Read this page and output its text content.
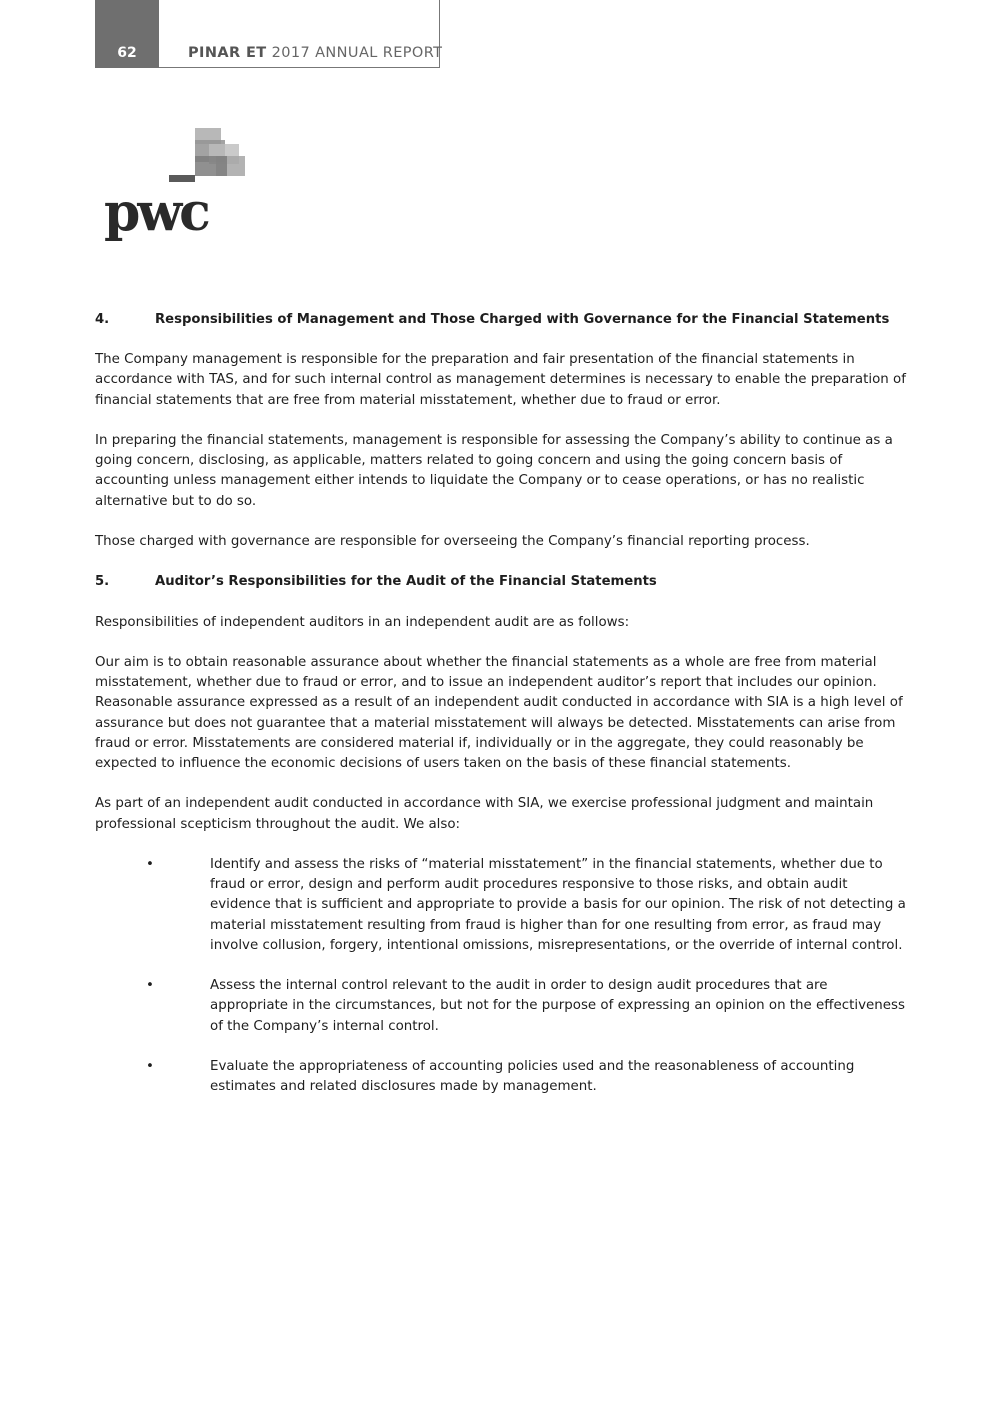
62	PINAR ET 2017 ANNUAL REPORT
pwc
4.	Responsibilities of Management and Those Charged with Governance for the Financial Statements

The Company management is responsible for the preparation and fair presentation of the financial statements in accordance with TAS, and for such internal control as management determines is necessary to enable the preparation of financial statements that are free from material misstatement, whether due to fraud or error.

In preparing the financial statements, management is responsible for assessing the Company’s ability to continue as a going concern, disclosing, as applicable, matters related to going concern and using the going concern basis of accounting unless management either intends to liquidate the Company or to cease operations, or has no realistic alternative but to do so.

Those charged with governance are responsible for overseeing the Company’s financial reporting process.

5.	Auditor’s Responsibilities for the Audit of the Financial Statements

Responsibilities of independent auditors in an independent audit are as follows:

Our aim is to obtain reasonable assurance about whether the financial statements as a whole are free from material misstatement, whether due to fraud or error, and to issue an independent auditor’s report that includes our opinion. Reasonable assurance expressed as a result of an independent audit conducted in accordance with SIA is a high level of assurance but does not guarantee that a material misstatement will always be detected. Misstatements can arise from fraud or error. Misstatements are considered material if, individually or in the aggregate, they could reasonably be expected to influence the economic decisions of users taken on the basis of these financial statements.

As part of an independent audit conducted in accordance with SIA, we exercise professional judgment and maintain professional scepticism throughout the audit. We also:

•	Identify and assess the risks of “material misstatement” in the financial statements, whether due to fraud or error, design and perform audit procedures responsive to those risks, and obtain audit evidence that is sufficient and appropriate to provide a basis for our opinion. The risk of not detecting a material misstatement resulting from fraud is higher than for one resulting from error, as fraud may involve collusion, forgery, intentional omissions, misrepresentations, or the override of internal control.
•	Assess the internal control relevant to the audit in order to design audit procedures that are appropriate in the circumstances, but not for the purpose of expressing an opinion on the effectiveness of the Company’s internal control.
•	Evaluate the appropriateness of accounting policies used and the reasonableness of accounting estimates and related disclosures made by management.
